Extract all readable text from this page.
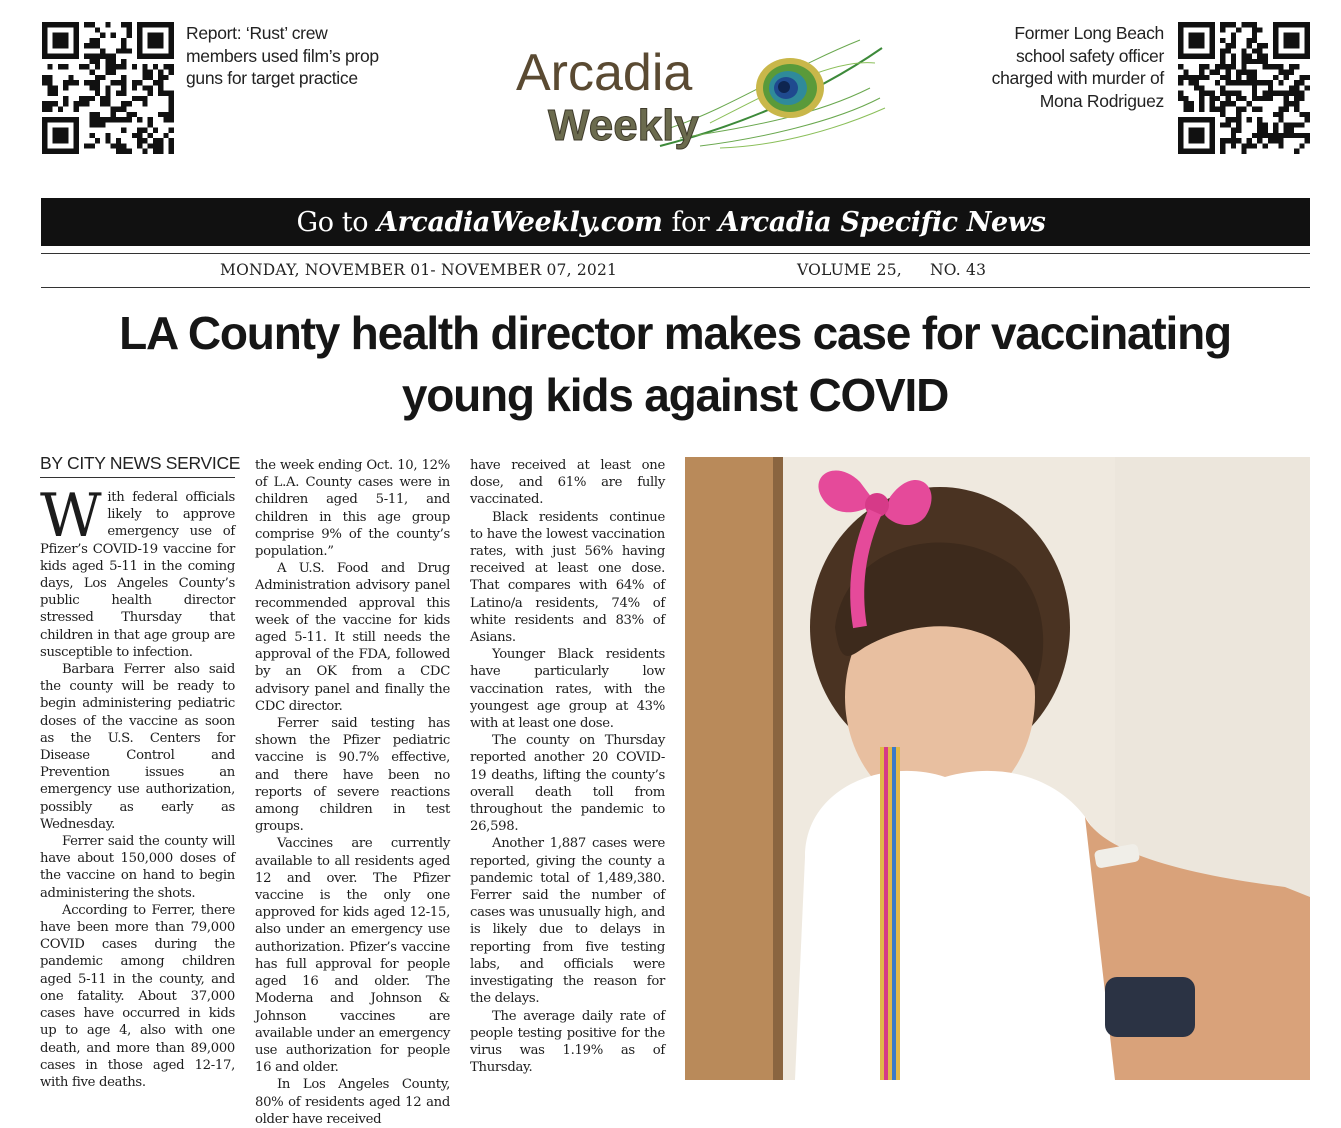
Report: ‘Rust’ crew members used film’s prop guns for target practice
Former Long Beach school safety officer charged with murder of Mona Rodriguez
Arcadia
Weekly
Go to ArcadiaWeekly.com for Arcadia Specific News
MONDAY, NOVEMBER 01- NOVEMBER 07, 2021	VOLUME 25, NO. 43
LA County health director makes case for vaccinating young kids against COVID
BY CITY NEWS SERVICE

With federal officials likely to approve emergency use of Pfizer’s COVID-19 vaccine for kids aged 5-11 in the coming days, Los Angeles County’s public health director stressed Thursday that children in that age group are susceptible to infection.

Barbara Ferrer also said the county will be ready to begin administering pediatric doses of the vaccine as soon as the U.S. Centers for Disease Control and Prevention issues an emergency use authorization, possibly as early as Wednesday.

Ferrer said the county will have about 150,000 doses of the vaccine on hand to begin administering the shots.

According to Ferrer, there have been more than 79,000 COVID cases during the pandemic among children aged 5-11 in the county, and one fatality. About 37,000 cases have occurred in kids up to age 4, also with one death, and more than 89,000 cases in those aged 12-17, with five deaths.

the week ending Oct. 10, 12% of L.A. County cases were in children aged 5-11, and children in this age group comprise 9% of the county’s population.”

A U.S. Food and Drug Administration advisory panel recommended approval this week of the vaccine for kids aged 5-11. It still needs the approval of the FDA, followed by an OK from a CDC advisory panel and finally the CDC director.

Ferrer said testing has shown the Pfizer pediatric vaccine is 90.7% effective, and there have been no reports of severe reactions among children in test groups.

Vaccines are currently available to all residents aged 12 and over. The Pfizer vaccine is the only one approved for kids aged 12-15, also under an emergency use authorization. Pfizer’s vaccine has full approval for people aged 16 and older. The Moderna and Johnson & Johnson vaccines are available under an emergency use authorization for people 16 and older.

In Los Angeles County, 80% of residents aged 12 and older have received

have received at least one dose, and 61% are fully vaccinated.

Black residents continue to have the lowest vaccination rates, with just 56% having received at least one dose. That compares with 64% of Latino/a residents, 74% of white residents and 83% of Asians.

Younger Black residents have particularly low vaccination rates, with the youngest age group at 43% with at least one dose.

The county on Thursday reported another 20 COVID-19 deaths, lifting the county’s overall death toll from throughout the pandemic to 26,598.

Another 1,887 cases were reported, giving the county a pandemic total of 1,489,380. Ferrer said the number of cases was unusually high, and is likely due to delays in reporting from five testing labs, and officials were investigating the reason for the delays.

The average daily rate of people testing positive for the virus was 1.19% as of Thursday.
